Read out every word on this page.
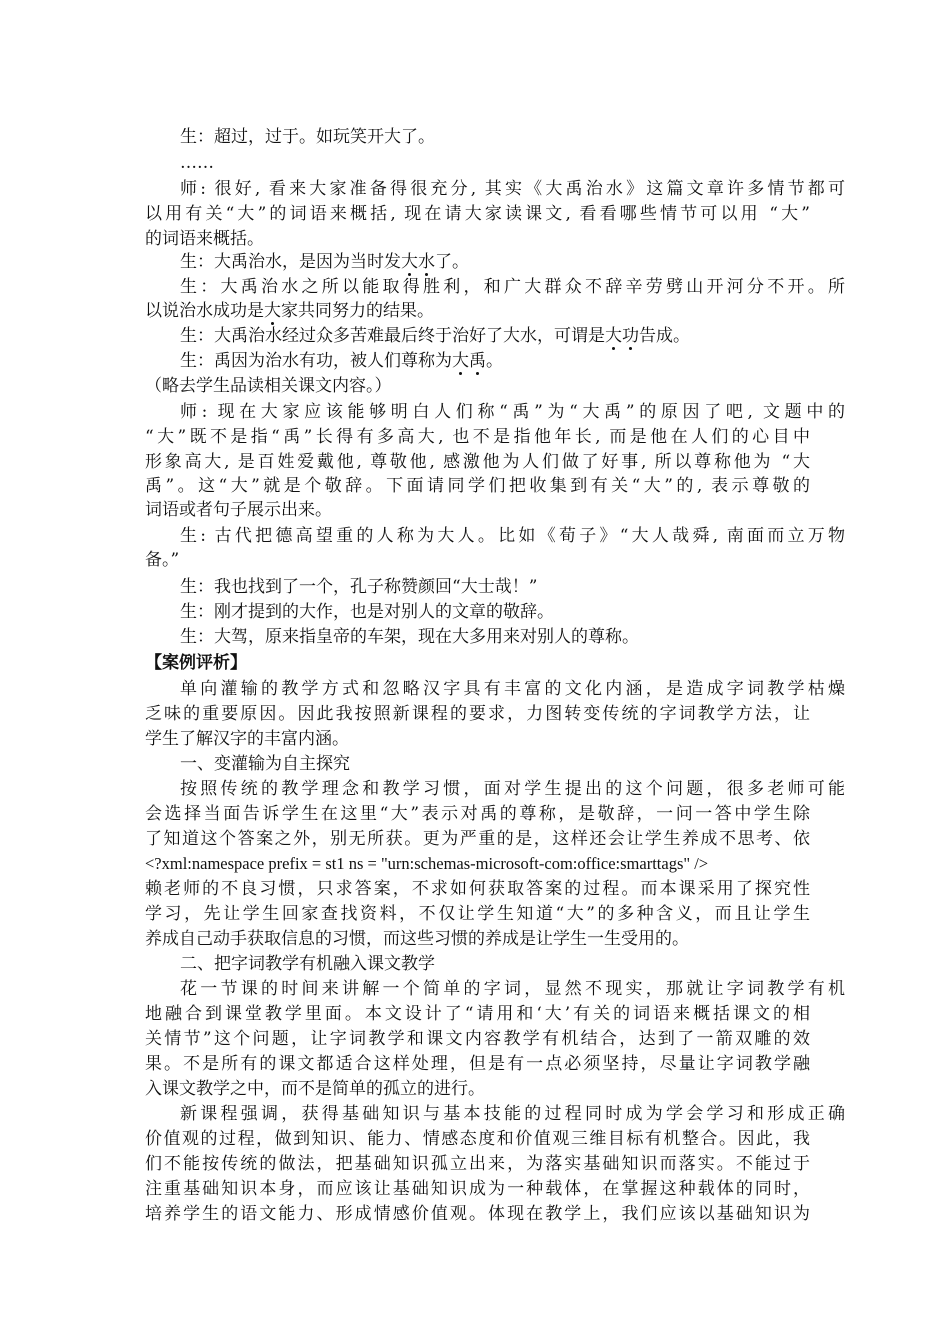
生：超过，过于。如玩笑开大了。
……
师: 很好, 看来大家准备得很充分, 其实《大禹治水》这篇文章许多情节都可
以用有关“大”的词语来概括, 现在请大家读课文, 看看哪些情节可以用 “大”
的词语来概括。
生：大禹治水，是因为当时发大水了。
生：大禹治水之所以能取得胜利，和广大群众不辞辛劳劈山开河分不开。所
以说治水成功是大家共同努力的结果。
生：大禹治水经过众多苦难最后终于治好了大水，可谓是大功告成。
生：禹因为治水有功，被人们尊称为大禹。
（略去学生品读相关课文内容。）
师: 现在大家应该能够明白人们称“禹”为“大禹”的原因了吧, 文题中的
“大”既不是指“禹”长得有多高大, 也不是指他年长, 而是他在人们的心目中
形象高大, 是百姓爱戴他, 尊敬他, 感激他为人们做了好事, 所以尊称他为 “大
禹”。这“大”就是个敬辞。下面请同学们把收集到有关“大”的, 表示尊敬的
词语或者句子展示出来。
生: 古代把德高望重的人称为大人。比如《荀子》“大人哉舜, 南面而立万物
备。”
生：我也找到了一个，孔子称赞颜回“大士哉！”
生：刚才提到的大作，也是对别人的文章的敬辞。
生：大驾，原来指皇帝的车架，现在大多用来对别人的尊称。
【案例评析】
单向灌输的教学方式和忽略汉字具有丰富的文化内涵，是造成字词教学枯燥
乏味的重要原因。因此我按照新课程的要求，力图转变传统的字词教学方法，让
学生了解汉字的丰富内涵。
一、变灌输为自主探究
按照传统的教学理念和教学习惯，面对学生提出的这个问题，很多老师可能
会选择当面告诉学生在这里“大”表示对禹的尊称，是敬辞，一问一答中学生除
了知道这个答案之外，别无所获。更为严重的是，这样还会让学生养成不思考、依
<?xml:namespace prefix = st1 ns = "urn:schemas-microsoft-com:office:smarttags" />
赖老师的不良习惯，只求答案，不求如何获取答案的过程。而本课采用了探究性
学习，先让学生回家查找资料，不仅让学生知道“大”的多种含义，而且让学生
养成自己动手获取信息的习惯，而这些习惯的养成是让学生一生受用的。
二、把字词教学有机融入课文教学
花一节课的时间来讲解一个简单的字词，显然不现实，那就让字词教学有机
地融合到课堂教学里面。本文设计了“请用和‘大’有关的词语来概括课文的相
关情节”这个问题，让字词教学和课文内容教学有机结合，达到了一箭双雕的效
果。不是所有的课文都适合这样处理，但是有一点必须坚持，尽量让字词教学融
入课文教学之中，而不是简单的孤立的进行。
新课程强调，获得基础知识与基本技能的过程同时成为学会学习和形成正确
价值观的过程，做到知识、能力、情感态度和价值观三维目标有机整合。因此，我
们不能按传统的做法，把基础知识孤立出来，为落实基础知识而落实。不能过于
注重基础知识本身，而应该让基础知识成为一种载体，在掌握这种载体的同时，
培养学生的语文能力、形成情感价值观。体现在教学上，我们应该以基础知识为
